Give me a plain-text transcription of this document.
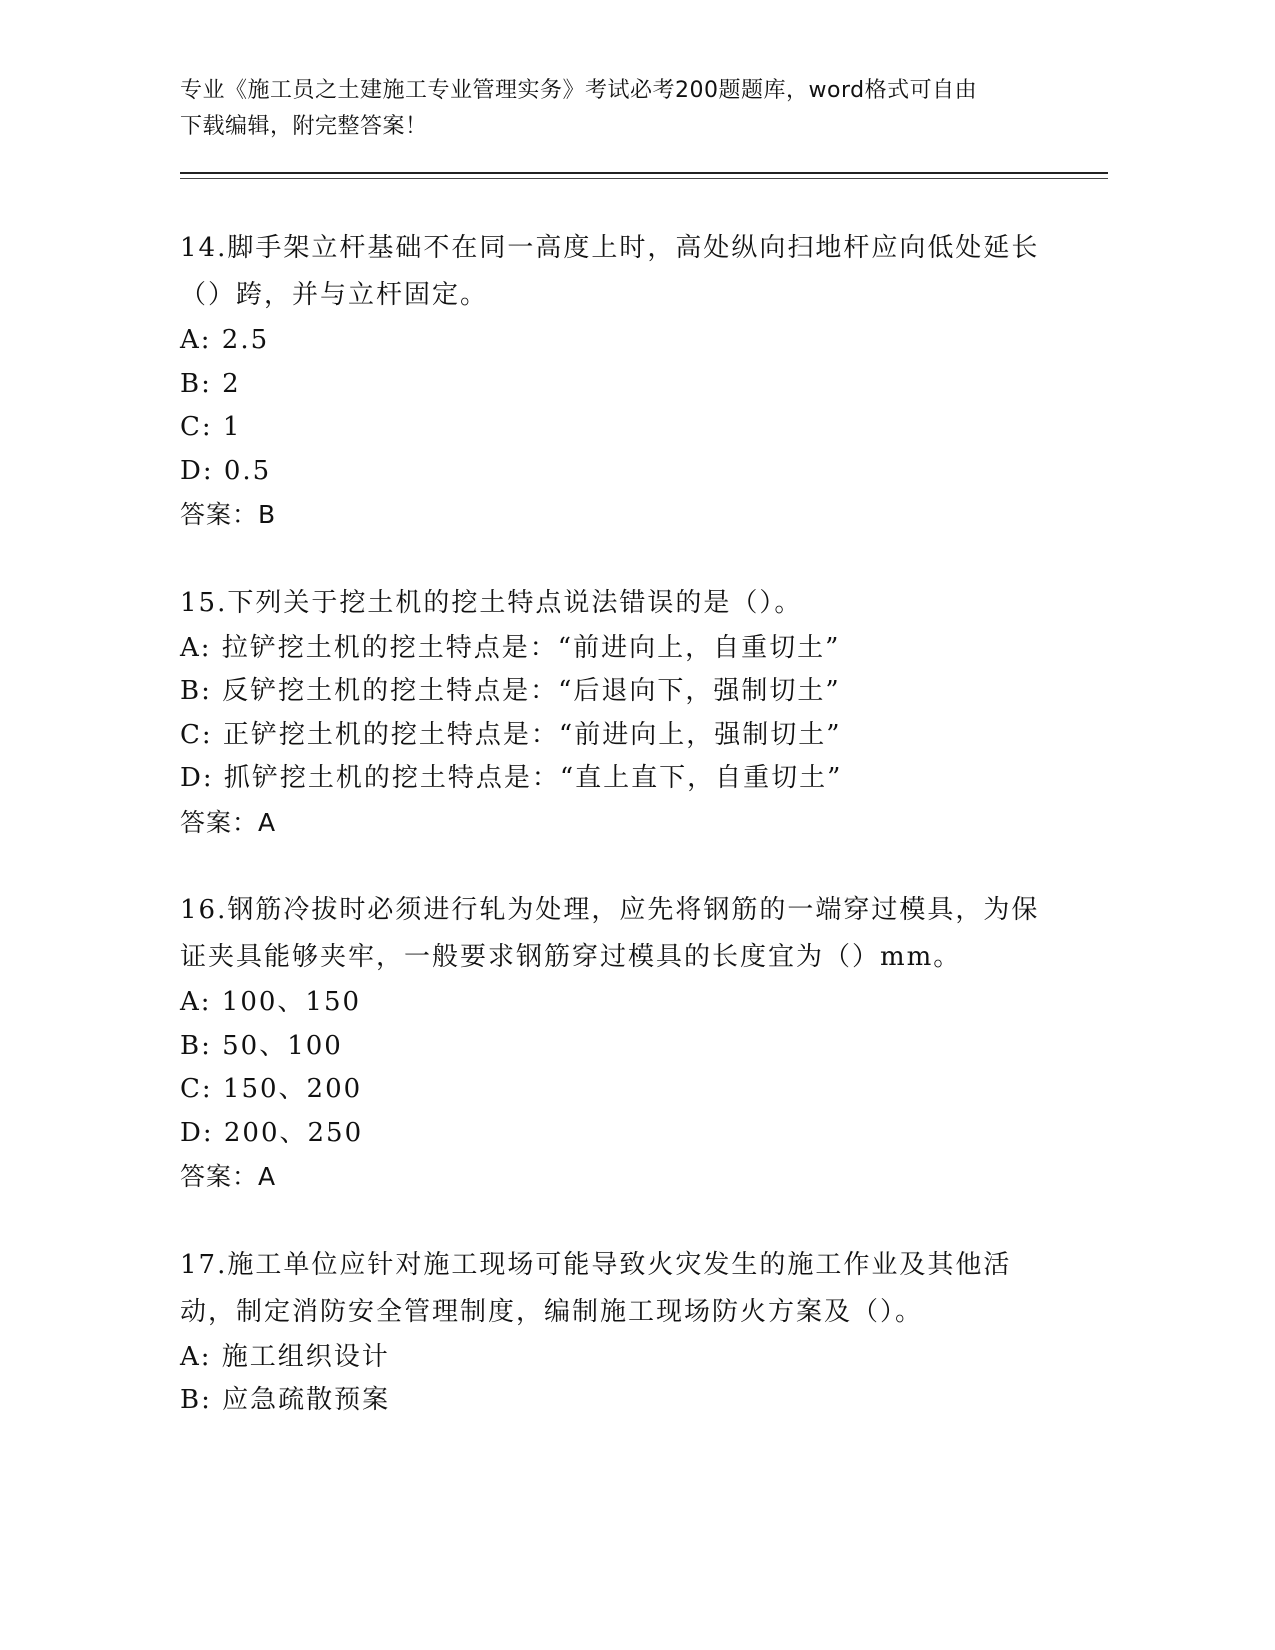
专业《施工员之土建施工专业管理实务》考试必考200题题库，word格式可自由
下载编辑，附完整答案！
14.脚手架立杆基础不在同一高度上时，高处纵向扫地杆应向低处延长（）跨，并与立杆固定。
A: 2.5
B: 2
C: 1
D: 0.5
答案：B
15.下列关于挖土机的挖土特点说法错误的是（）。
A: 拉铲挖土机的挖土特点是：“前进向上，自重切土”
B: 反铲挖土机的挖土特点是：“后退向下，强制切土”
C: 正铲挖土机的挖土特点是：“前进向上，强制切土”
D: 抓铲挖土机的挖土特点是：“直上直下，自重切土”
答案：A
16.钢筋冷拔时必须进行轧为处理，应先将钢筋的一端穿过模具，为保证夹具能够夹牢，一般要求钢筋穿过模具的长度宜为（）mm。
A: 100、150
B: 50、100
C: 150、200
D: 200、250
答案：A
17.施工单位应针对施工现场可能导致火灾发生的施工作业及其他活动，制定消防安全管理制度，编制施工现场防火方案及（）。
A: 施工组织设计
B: 应急疏散预案
